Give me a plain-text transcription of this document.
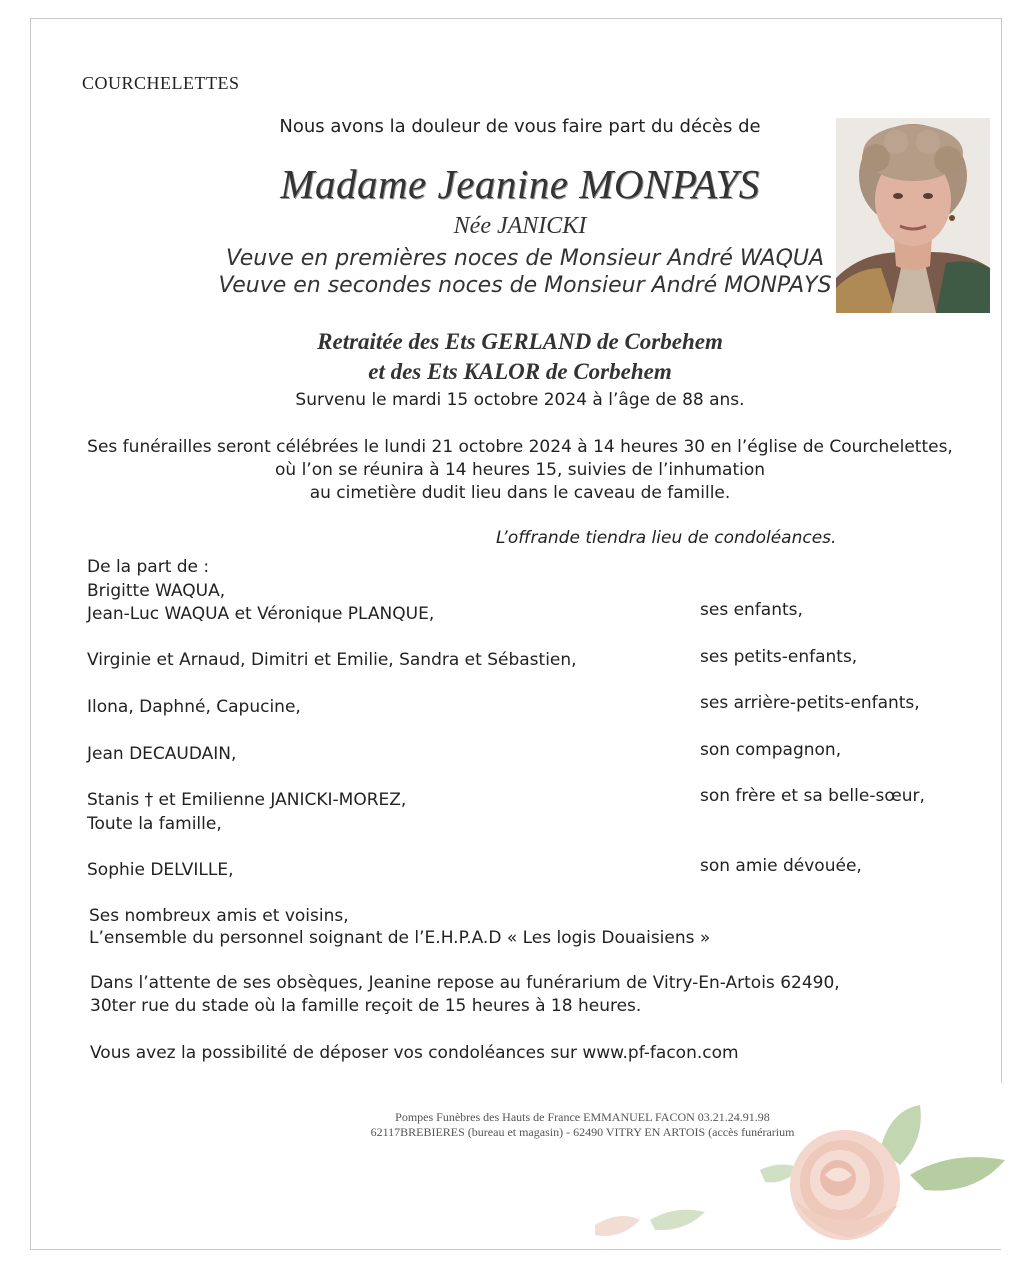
COURCHELETTES
Nous avons la douleur de vous faire part du décès de
Madame Jeanine MONPAYS
Née JANICKI
Veuve en premières noces de Monsieur André WAQUA
Veuve en secondes noces de Monsieur André MONPAYS
Retraitée des Ets GERLAND de Corbehem
et des Ets KALOR de Corbehem
Survenu le mardi 15 octobre 2024 à l’âge de 88 ans.
Ses funérailles seront célébrées le lundi 21 octobre 2024 à 14 heures 30 en l’église de Courchelettes,
où l’on se réunira à 14 heures 15, suivies de l’inhumation
au cimetière dudit lieu dans le caveau de famille.
L’offrande tiendra lieu de condoléances.
De la part de :
Brigitte WAQUA,
Jean-Luc WAQUA et Véronique PLANQUE,	ses enfants,
Virginie et Arnaud, Dimitri et Emilie, Sandra et Sébastien,	ses petits-enfants,
Ilona, Daphné, Capucine,	ses arrière-petits-enfants,
Jean DECAUDAIN,	son compagnon,
Stanis † et Emilienne JANICKI-MOREZ,	son frère et sa belle-sœur,
Toute la famille,
Sophie DELVILLE,	son amie dévouée,
Ses nombreux amis et voisins,
L’ensemble du personnel soignant de l’E.H.P.A.D « Les logis Douaisiens »
Dans l’attente de ses obsèques, Jeanine repose au funérarium de Vitry-En-Artois 62490,
30ter rue du stade où la famille reçoit de 15 heures à 18 heures.
Vous avez la possibilité de déposer vos condoléances sur www.pf-facon.com
Pompes Funèbres des Hauts de France EMMANUEL FACON 03.21.24.91.98
62117BREBIERES (bureau et magasin) - 62490 VITRY EN ARTOIS (accès funérarium
